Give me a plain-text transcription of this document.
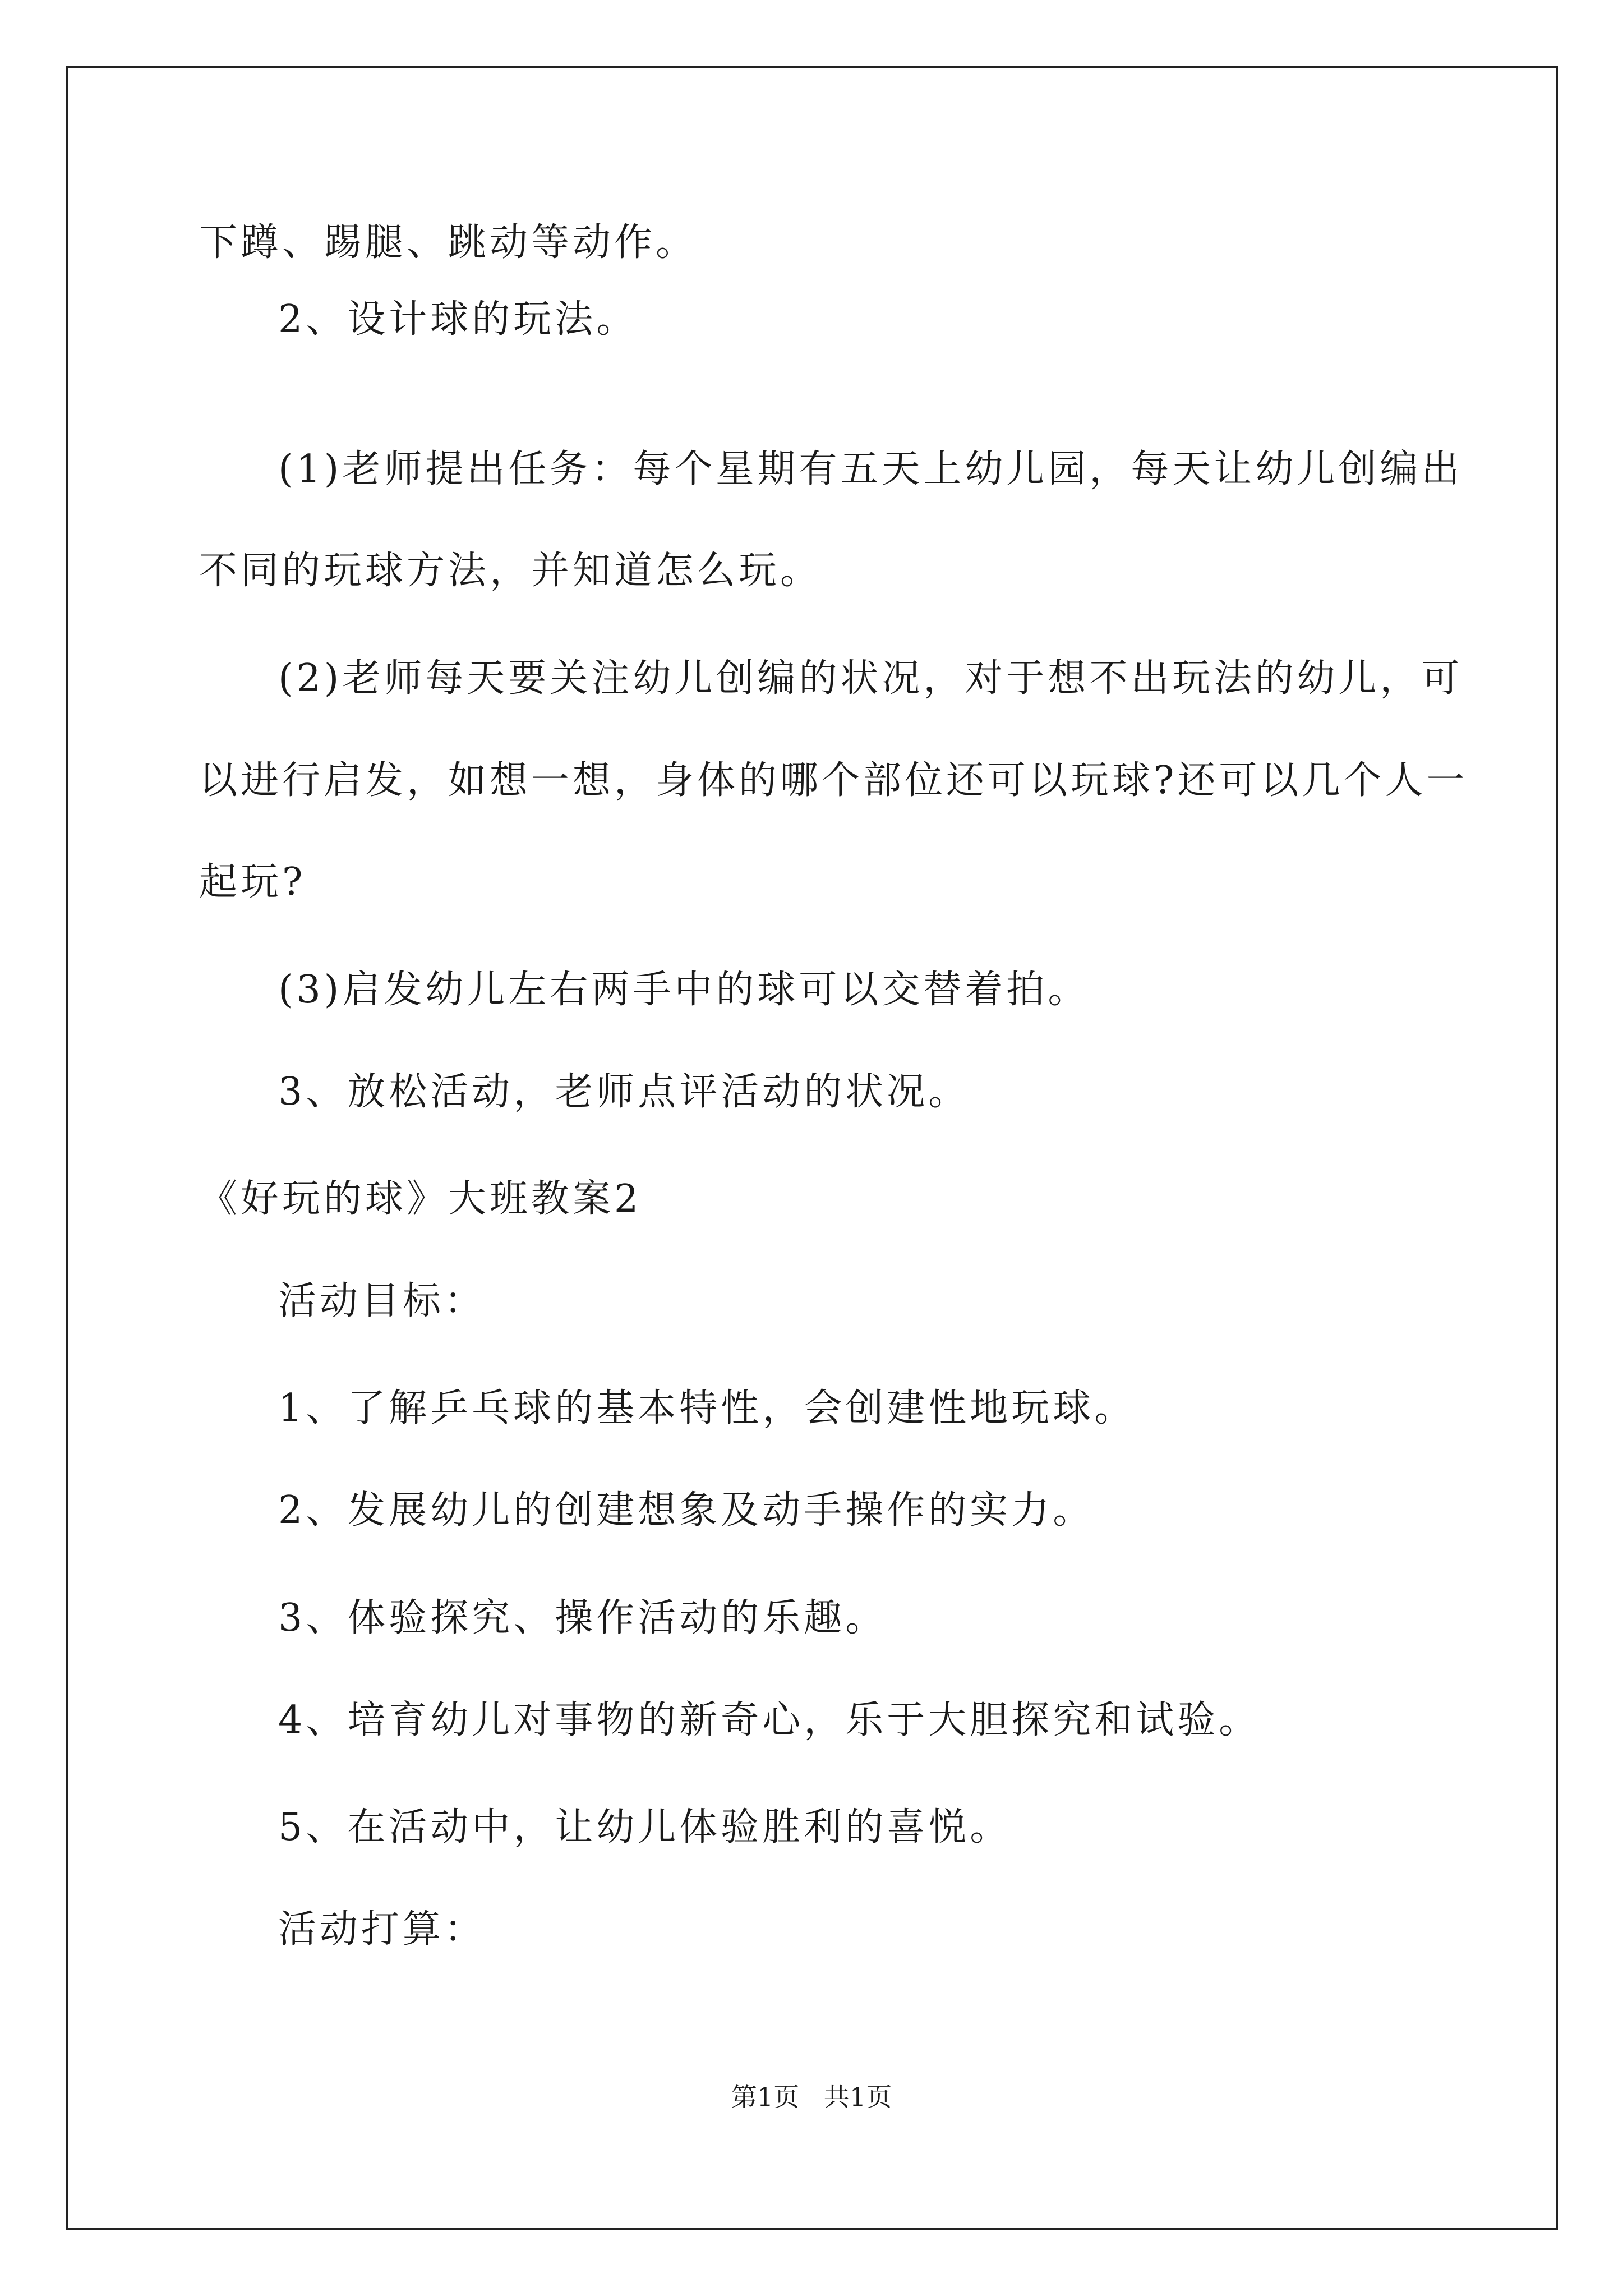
下蹲、踢腿、跳动等动作。
2、设计球的玩法。
(1)老师提出任务：每个星期有五天上幼儿园，每天让幼儿创编出
不同的玩球方法，并知道怎么玩。
(2)老师每天要关注幼儿创编的状况，对于想不出玩法的幼儿，可
以进行启发，如想一想，身体的哪个部位还可以玩球?还可以几个人一
起玩?
(3)启发幼儿左右两手中的球可以交替着拍。
3、放松活动，老师点评活动的状况。
《好玩的球》大班教案2
活动目标：
1、了解乒乓球的基本特性，会创建性地玩球。
2、发展幼儿的创建想象及动手操作的实力。
3、体验探究、操作活动的乐趣。
4、培育幼儿对事物的新奇心，乐于大胆探究和试验。
5、在活动中，让幼儿体验胜利的喜悦。
活动打算：
第1页   共1页
